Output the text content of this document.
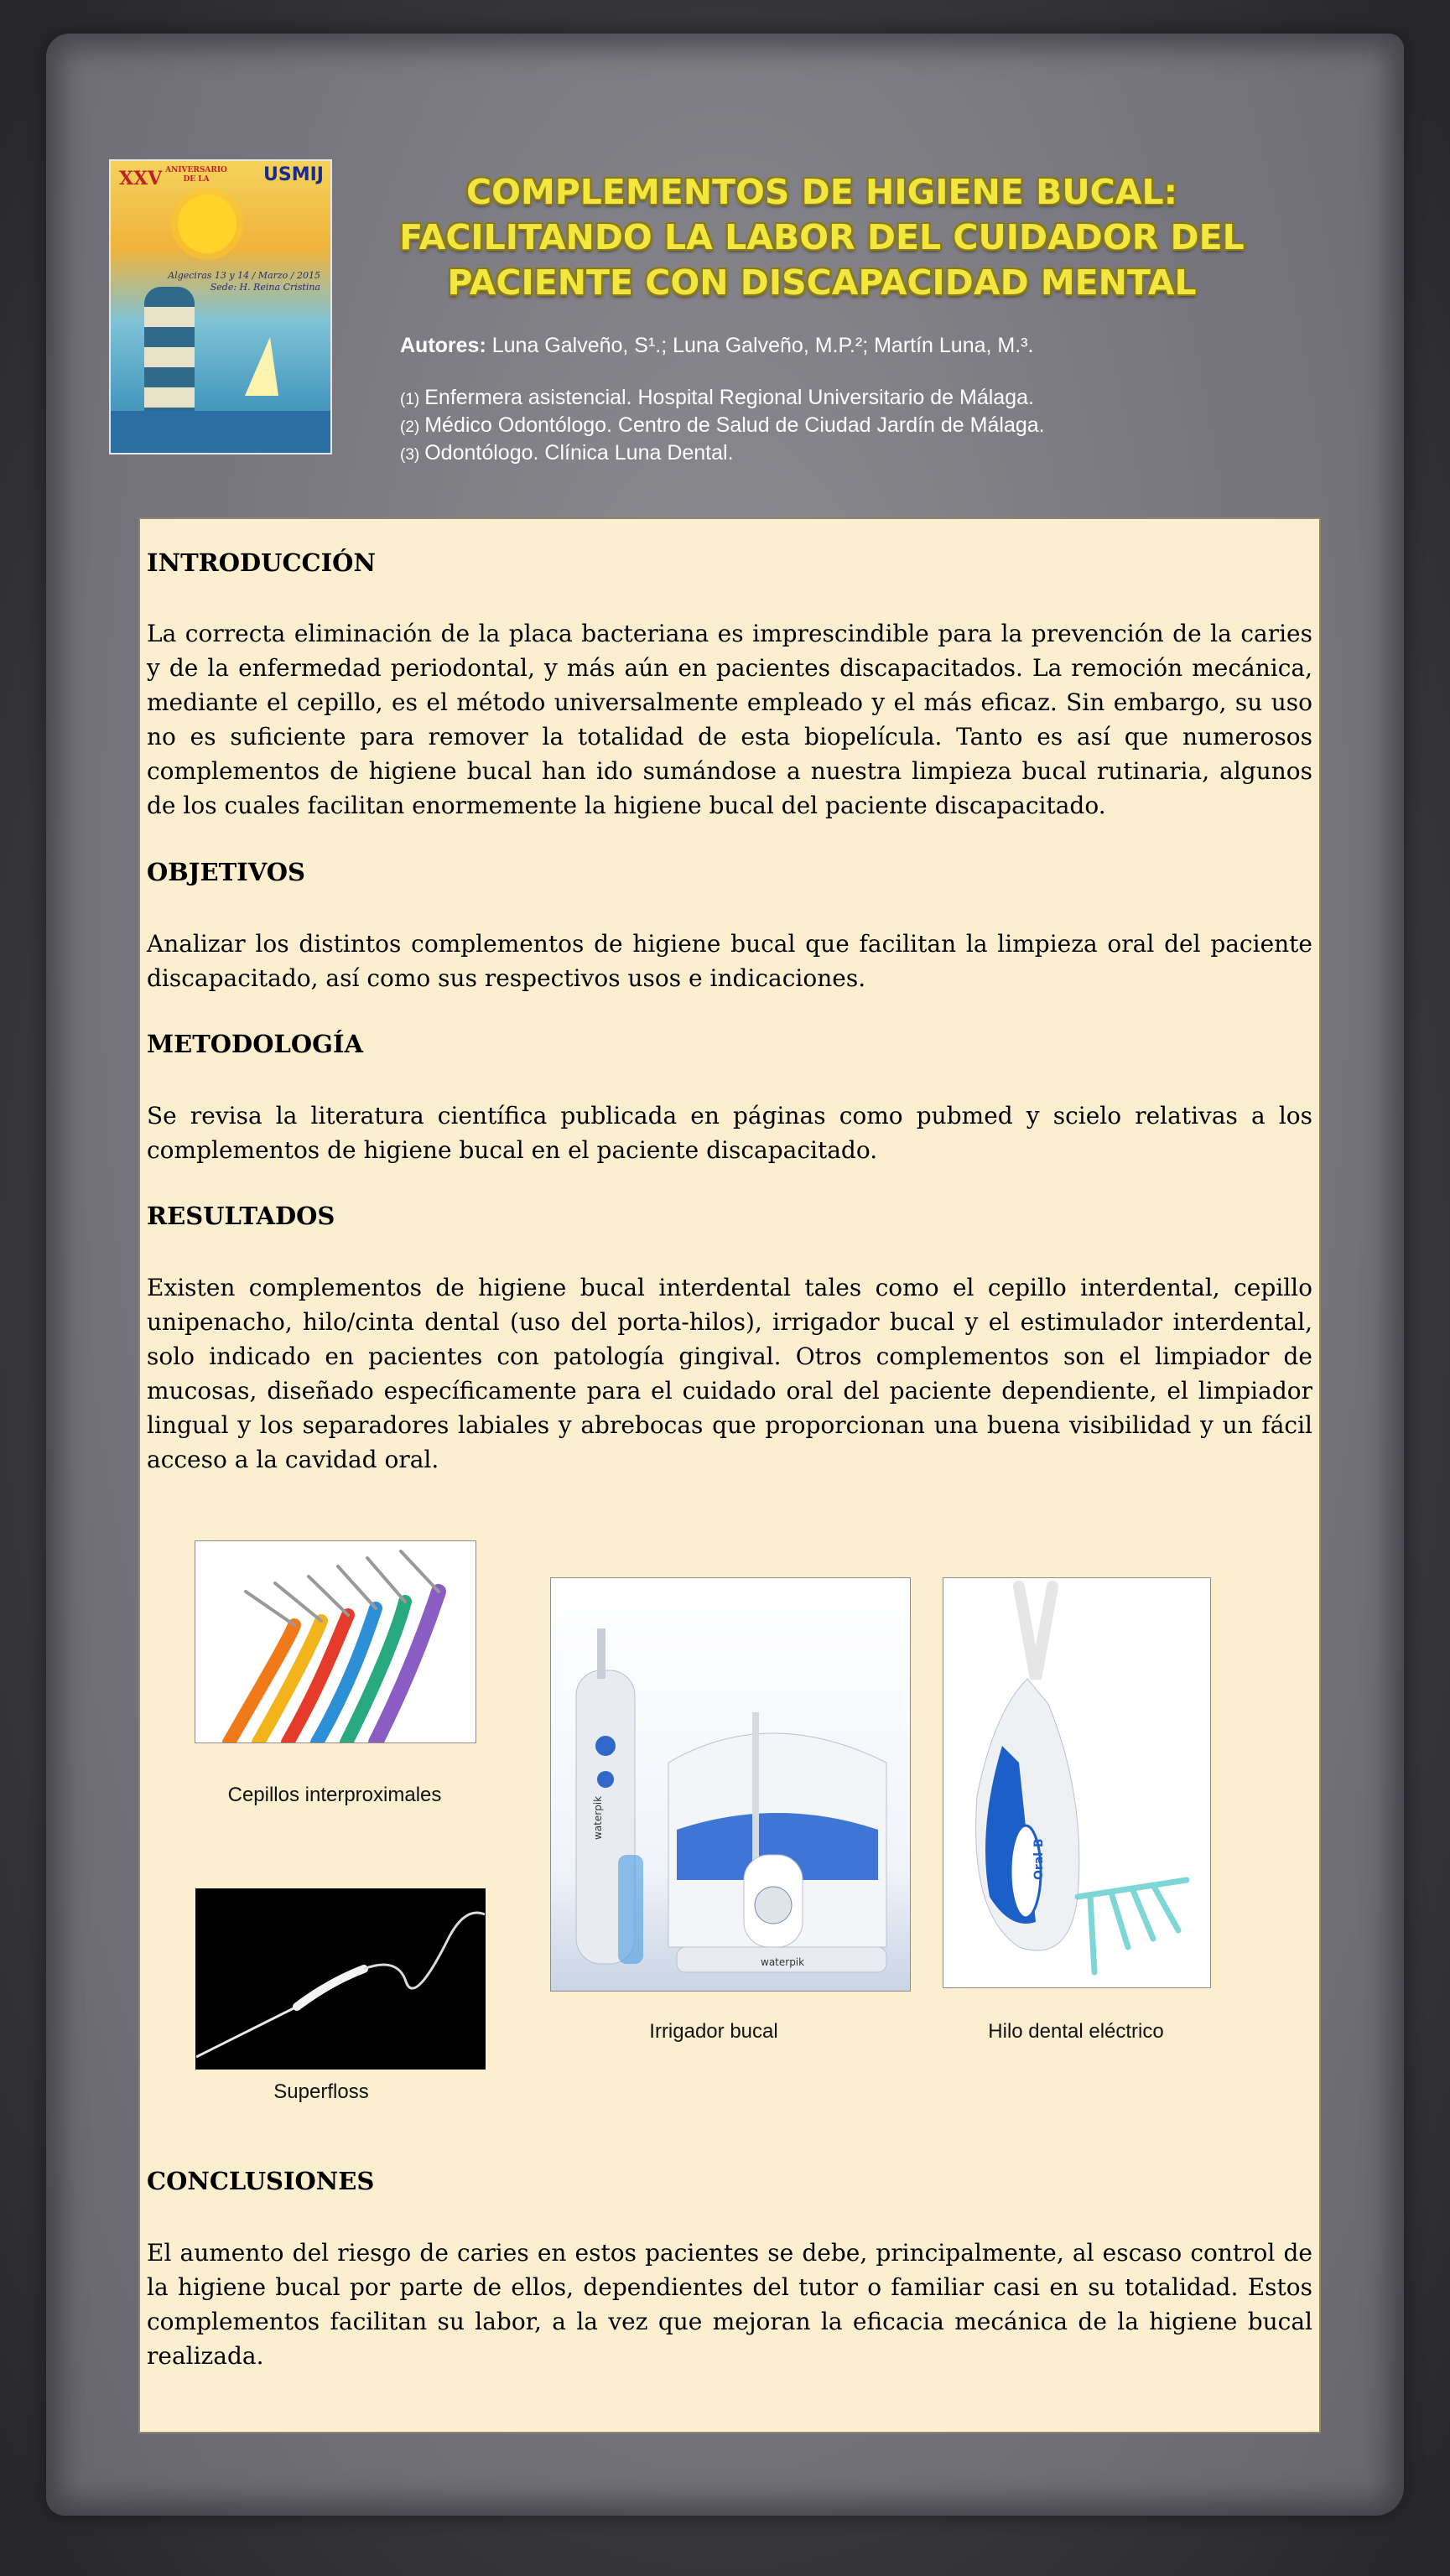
XXV ANIVERSARIO DE LA	USMIJ
Algeciras 13 y 14 / Marzo / 2015
Sede: H. Reina Cristina
COMPLEMENTOS DE HIGIENE BUCAL:
FACILITANDO LA LABOR DEL CUIDADOR DEL
PACIENTE CON DISCAPACIDAD MENTAL
Autores: Luna Galveño, S¹.; Luna Galveño, M.P.²; Martín Luna, M.³.
(1) Enfermera asistencial. Hospital Regional Universitario de Málaga.
(2) Médico Odontólogo. Centro de Salud de Ciudad Jardín de Málaga.
(3) Odontólogo. Clínica Luna Dental.
INTRODUCCIÓN
La correcta eliminación de la placa bacteriana es imprescindible para la prevención de la caries y de la enfermedad periodontal, y más aún en pacientes discapacitados. La remoción mecánica, mediante el cepillo, es el método universalmente empleado y el más eficaz. Sin embargo, su uso no es suficiente para remover la totalidad de esta biopelícula. Tanto es así que numerosos complementos de higiene bucal han ido sumándose a nuestra limpieza bucal rutinaria, algunos de los cuales facilitan enormemente la higiene bucal del paciente discapacitado.
OBJETIVOS
Analizar los distintos complementos de higiene bucal que facilitan la limpieza oral del paciente discapacitado, así como sus respectivos usos e indicaciones.
METODOLOGÍA
Se revisa la literatura científica publicada en páginas como pubmed y scielo relativas a los complementos de higiene bucal en el paciente discapacitado.
RESULTADOS
Existen complementos de higiene bucal interdental tales como el cepillo interdental, cepillo unipenacho, hilo/cinta dental (uso del porta-hilos), irrigador bucal y el estimulador interdental, solo indicado en pacientes con patología gingival. Otros complementos son el limpiador de mucosas, diseñado específicamente para el cuidado oral del paciente dependiente, el limpiador lingual y los separadores labiales y abrebocas que proporcionan una buena visibilidad y un fácil acceso a la cavidad oral.
Cepillos interproximales
waterpik
waterpik
Irrigador bucal
Oral-B
Hilo dental eléctrico
Superfloss
CONCLUSIONES
El aumento del riesgo de caries en estos pacientes se debe, principalmente, al escaso control de la higiene bucal por parte de ellos, dependientes del tutor o familiar casi en su totalidad. Estos complementos facilitan su labor, a la vez que mejoran la eficacia mecánica de la higiene bucal realizada.
